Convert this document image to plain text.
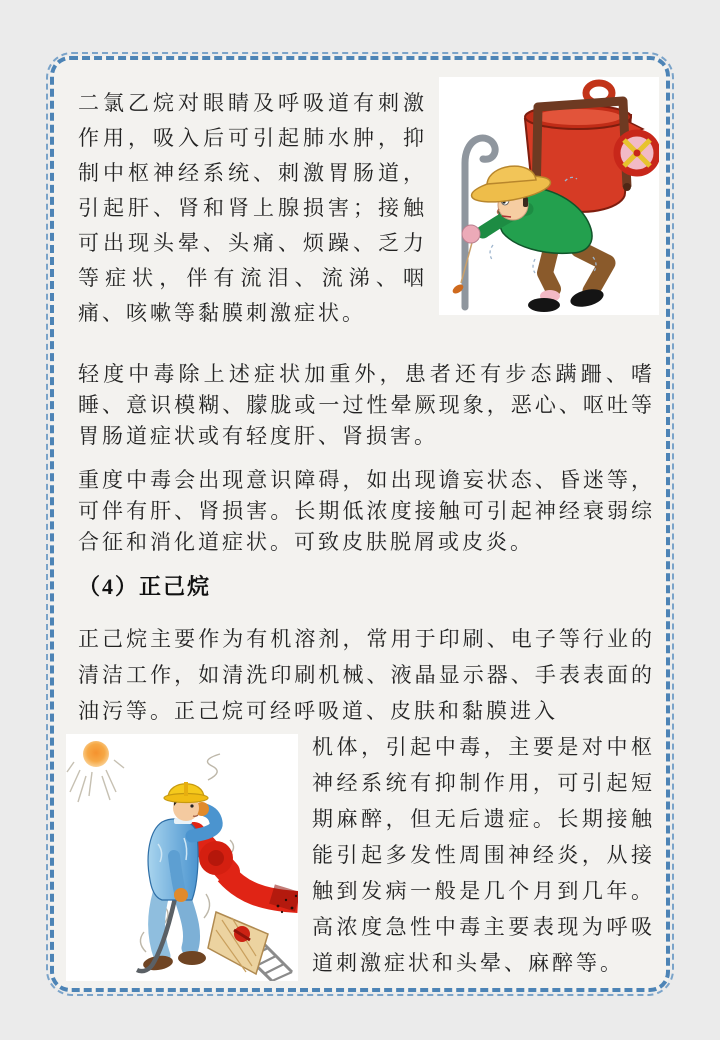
二氯乙烷对眼睛及呼吸道有刺激作用，吸入后可引起肺水肿，抑制中枢神经系统、刺激胃肠道，引起肝、肾和肾上腺损害；接触可出现头晕、头痛、烦躁、乏力等症状，伴有流泪、流涕、咽痛、咳嗽等黏膜刺激症状。

轻度中毒除上述症状加重外，患者还有步态蹒跚、嗜睡、意识模糊、朦胧或一过性晕厥现象，恶心、呕吐等胃肠道症状或有轻度肝、肾损害。

重度中毒会出现意识障碍，如出现谵妄状态、昏迷等，可伴有肝、肾损害。长期低浓度接触可引起神经衰弱综合征和消化道症状。可致皮肤脱屑或皮炎。

（4）正己烷

正己烷主要作为有机溶剂，常用于印刷、电子等行业的清洁工作，如清洗印刷机械、液晶显示器、手表表面的油污等。正己烷可经呼吸道、皮肤和黏膜进入

机体，引起中毒，主要是对中枢神经系统有抑制作用，可引起短期麻醉，但无后遗症。长期接触能引起多发性周围神经炎，从接触到发病一般是几个月到几年。高浓度急性中毒主要表现为呼吸道刺激症状和头晕、麻醉等。
